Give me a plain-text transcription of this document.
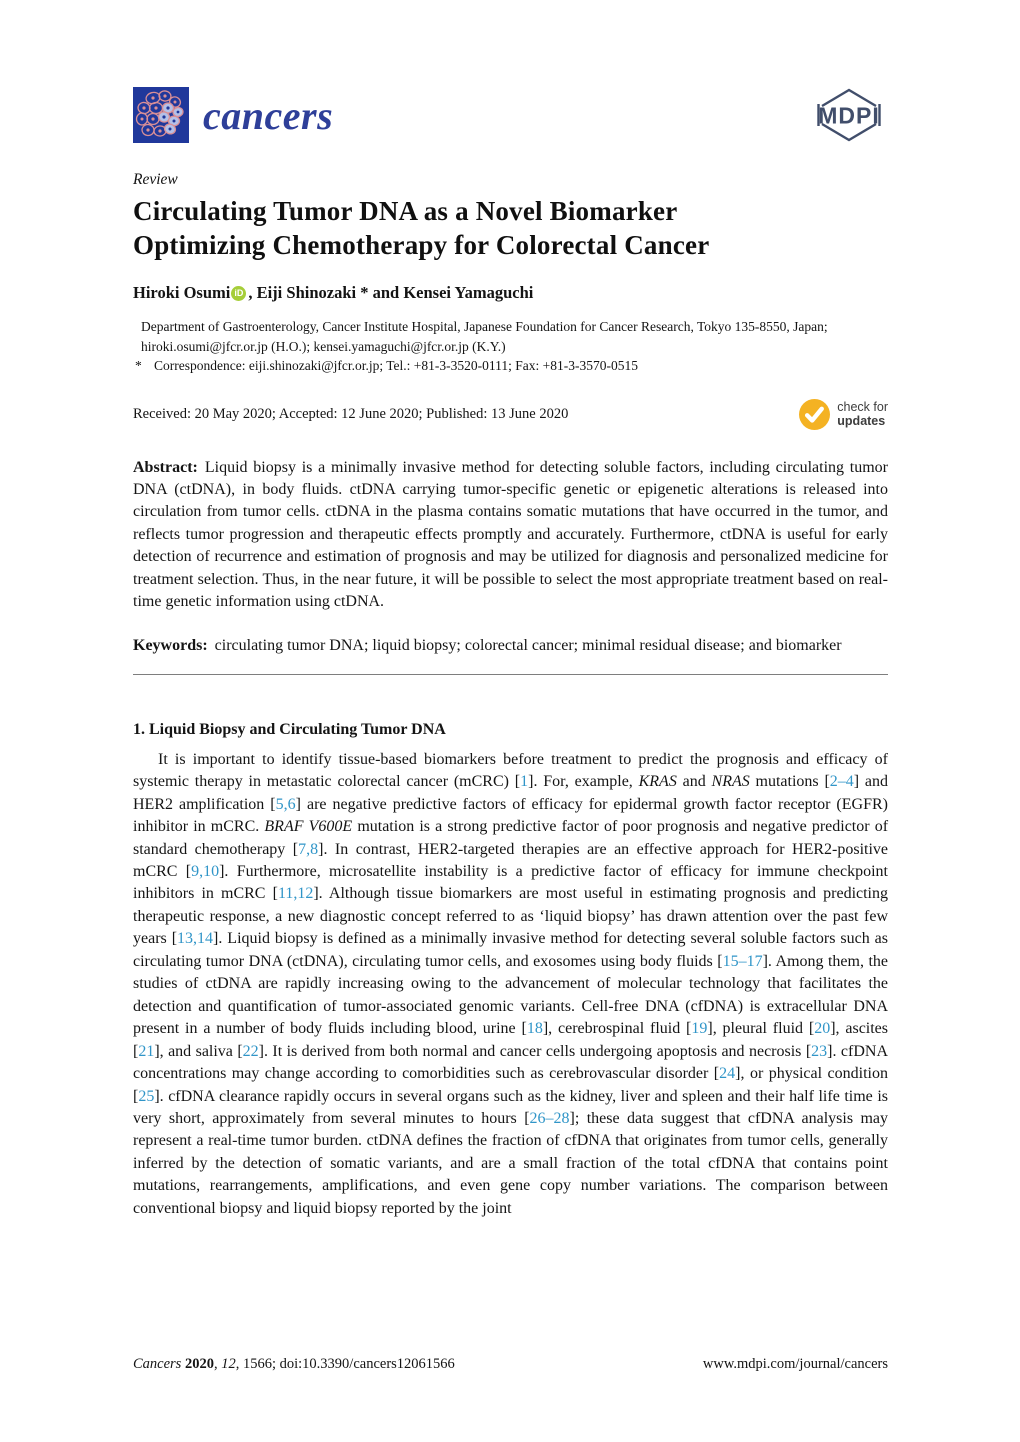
cancers	MDPI
Review
Circulating Tumor DNA as a Novel Biomarker
Optimizing Chemotherapy for Colorectal Cancer
Hiroki Osumi iD , Eiji Shinozaki * and Kensei Yamaguchi

Department of Gastroenterology, Cancer Institute Hospital, Japanese Foundation for Cancer Research, Tokyo 135-8550, Japan; hiroki.osumi@jfcr.or.jp (H.O.); kensei.yamaguchi@jfcr.or.jp (K.Y.)

* Correspondence: eiji.shinozaki@jfcr.or.jp; Tel.: +81-3-3520-0111; Fax: +81-3-3570-0515

Received: 20 May 2020; Accepted: 12 June 2020; Published: 13 June 2020	check for
updates

Abstract: Liquid biopsy is a minimally invasive method for detecting soluble factors, including circulating tumor DNA (ctDNA), in body fluids. ctDNA carrying tumor-specific genetic or epigenetic alterations is released into circulation from tumor cells. ctDNA in the plasma contains somatic mutations that have occurred in the tumor, and reflects tumor progression and therapeutic effects promptly and accurately. Furthermore, ctDNA is useful for early detection of recurrence and estimation of prognosis and may be utilized for diagnosis and personalized medicine for treatment selection. Thus, in the near future, it will be possible to select the most appropriate treatment based on real-time genetic information using ctDNA.

Keywords: circulating tumor DNA; liquid biopsy; colorectal cancer; minimal residual disease; and biomarker

1. Liquid Biopsy and Circulating Tumor DNA

It is important to identify tissue-based biomarkers before treatment to predict the prognosis and efficacy of systemic therapy in metastatic colorectal cancer (mCRC) [1]. For, example, KRAS and NRAS mutations [2–4] and HER2 amplification [5,6] are negative predictive factors of efficacy for epidermal growth factor receptor (EGFR) inhibitor in mCRC. BRAF V600E mutation is a strong predictive factor of poor prognosis and negative predictor of standard chemotherapy [7,8]. In contrast, HER2-targeted therapies are an effective approach for HER2-positive mCRC [9,10]. Furthermore, microsatellite instability is a predictive factor of efficacy for immune checkpoint inhibitors in mCRC [11,12]. Although tissue biomarkers are most useful in estimating prognosis and predicting therapeutic response, a new diagnostic concept referred to as ‘liquid biopsy’ has drawn attention over the past few years [13,14]. Liquid biopsy is defined as a minimally invasive method for detecting several soluble factors such as circulating tumor DNA (ctDNA), circulating tumor cells, and exosomes using body fluids [15–17]. Among them, the studies of ctDNA are rapidly increasing owing to the advancement of molecular technology that facilitates the detection and quantification of tumor-associated genomic variants. Cell-free DNA (cfDNA) is extracellular DNA present in a number of body fluids including blood, urine [18], cerebrospinal fluid [19], pleural fluid [20], ascites [21], and saliva [22]. It is derived from both normal and cancer cells undergoing apoptosis and necrosis [23]. cfDNA concentrations may change according to comorbidities such as cerebrovascular disorder [24], or physical condition [25]. cfDNA clearance rapidly occurs in several organs such as the kidney, liver and spleen and their half life time is very short, approximately from several minutes to hours [26–28]; these data suggest that cfDNA analysis may represent a real-time tumor burden. ctDNA defines the fraction of cfDNA that originates from tumor cells, generally inferred by the detection of somatic variants, and are a small fraction of the total cfDNA that contains point mutations, rearrangements, amplifications, and even gene copy number variations. The comparison between conventional biopsy and liquid biopsy reported by the joint

Cancers 2020, 12, 1566; doi:10.3390/cancers12061566	www.mdpi.com/journal/cancers
